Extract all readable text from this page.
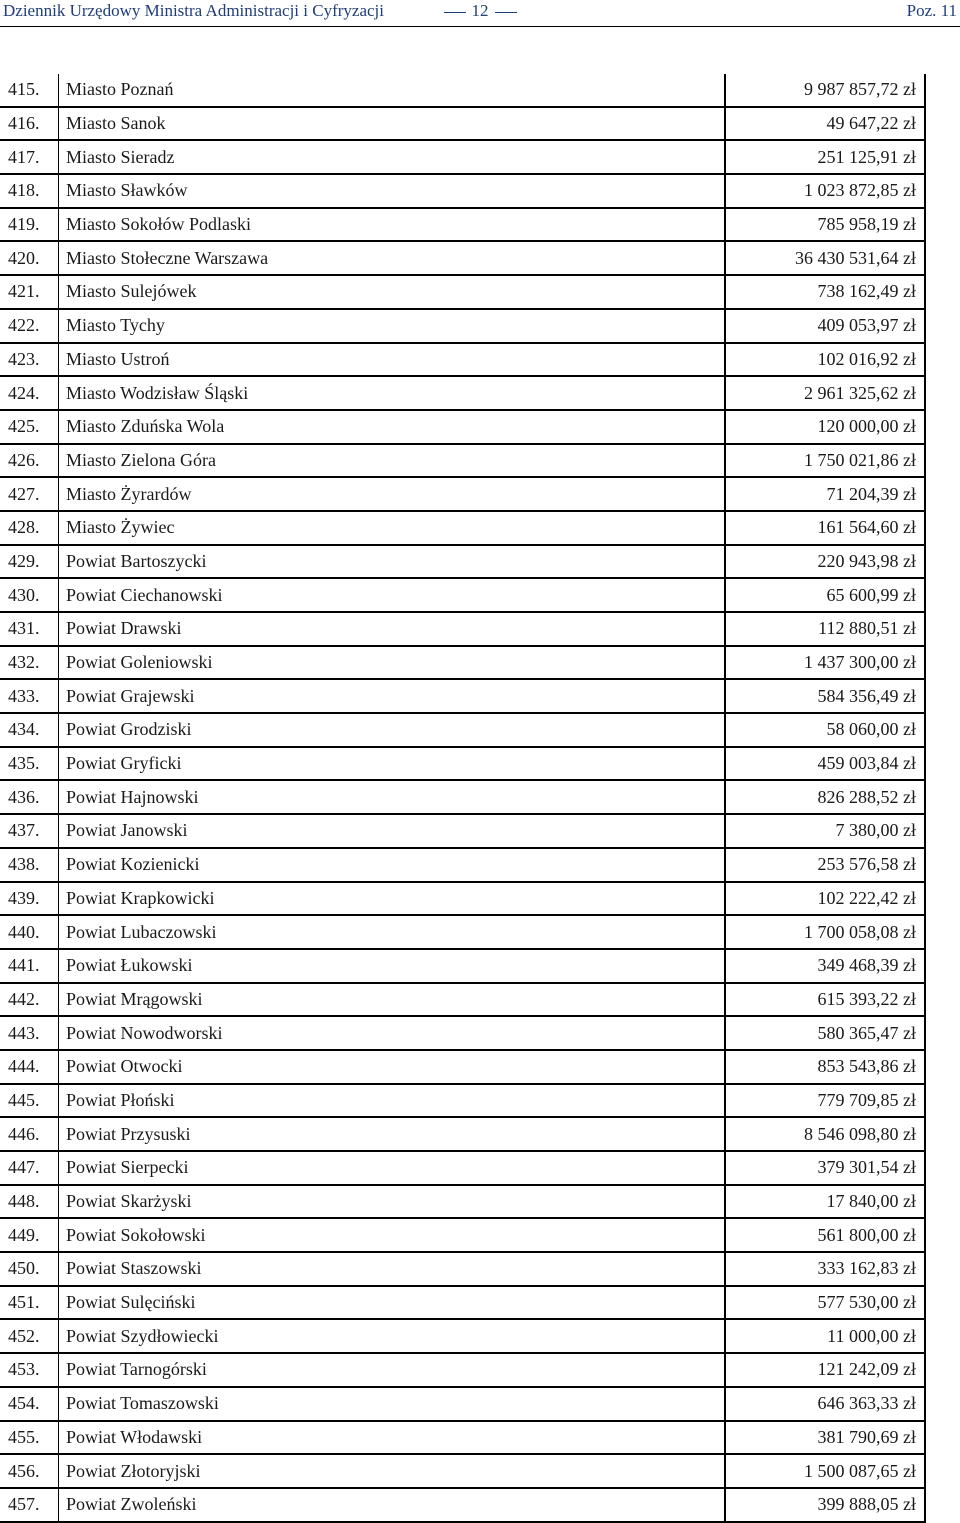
Dziennik Urzędowy Ministra Administracji i Cyfryzacji	12	Poz. 11
415.	Miasto Poznań	9 987 857,72 zł
416.	Miasto Sanok	49 647,22 zł
417.	Miasto Sieradz	251 125,91 zł
418.	Miasto Sławków	1 023 872,85 zł
419.	Miasto Sokołów Podlaski	785 958,19 zł
420.	Miasto Stołeczne Warszawa	36 430 531,64 zł
421.	Miasto Sulejówek	738 162,49 zł
422.	Miasto Tychy	409 053,97 zł
423.	Miasto Ustroń	102 016,92 zł
424.	Miasto Wodzisław Śląski	2 961 325,62 zł
425.	Miasto Zduńska Wola	120 000,00 zł
426.	Miasto Zielona Góra	1 750 021,86 zł
427.	Miasto Żyrardów	71 204,39 zł
428.	Miasto Żywiec	161 564,60 zł
429.	Powiat Bartoszycki	220 943,98 zł
430.	Powiat Ciechanowski	65 600,99 zł
431.	Powiat Drawski	112 880,51 zł
432.	Powiat Goleniowski	1 437 300,00 zł
433.	Powiat Grajewski	584 356,49 zł
434.	Powiat Grodziski	58 060,00 zł
435.	Powiat Gryficki	459 003,84 zł
436.	Powiat Hajnowski	826 288,52 zł
437.	Powiat Janowski	7 380,00 zł
438.	Powiat Kozienicki	253 576,58 zł
439.	Powiat Krapkowicki	102 222,42 zł
440.	Powiat Lubaczowski	1 700 058,08 zł
441.	Powiat Łukowski	349 468,39 zł
442.	Powiat Mrągowski	615 393,22 zł
443.	Powiat Nowodworski	580 365,47 zł
444.	Powiat Otwocki	853 543,86 zł
445.	Powiat Płoński	779 709,85 zł
446.	Powiat Przysuski	8 546 098,80 zł
447.	Powiat Sierpecki	379 301,54 zł
448.	Powiat Skarżyski	17 840,00 zł
449.	Powiat Sokołowski	561 800,00 zł
450.	Powiat Staszowski	333 162,83 zł
451.	Powiat Sulęciński	577 530,00 zł
452.	Powiat Szydłowiecki	11 000,00 zł
453.	Powiat Tarnogórski	121 242,09 zł
454.	Powiat Tomaszowski	646 363,33 zł
455.	Powiat Włodawski	381 790,69 zł
456.	Powiat Złotoryjski	1 500 087,65 zł
457.	Powiat Zwoleński	399 888,05 zł
